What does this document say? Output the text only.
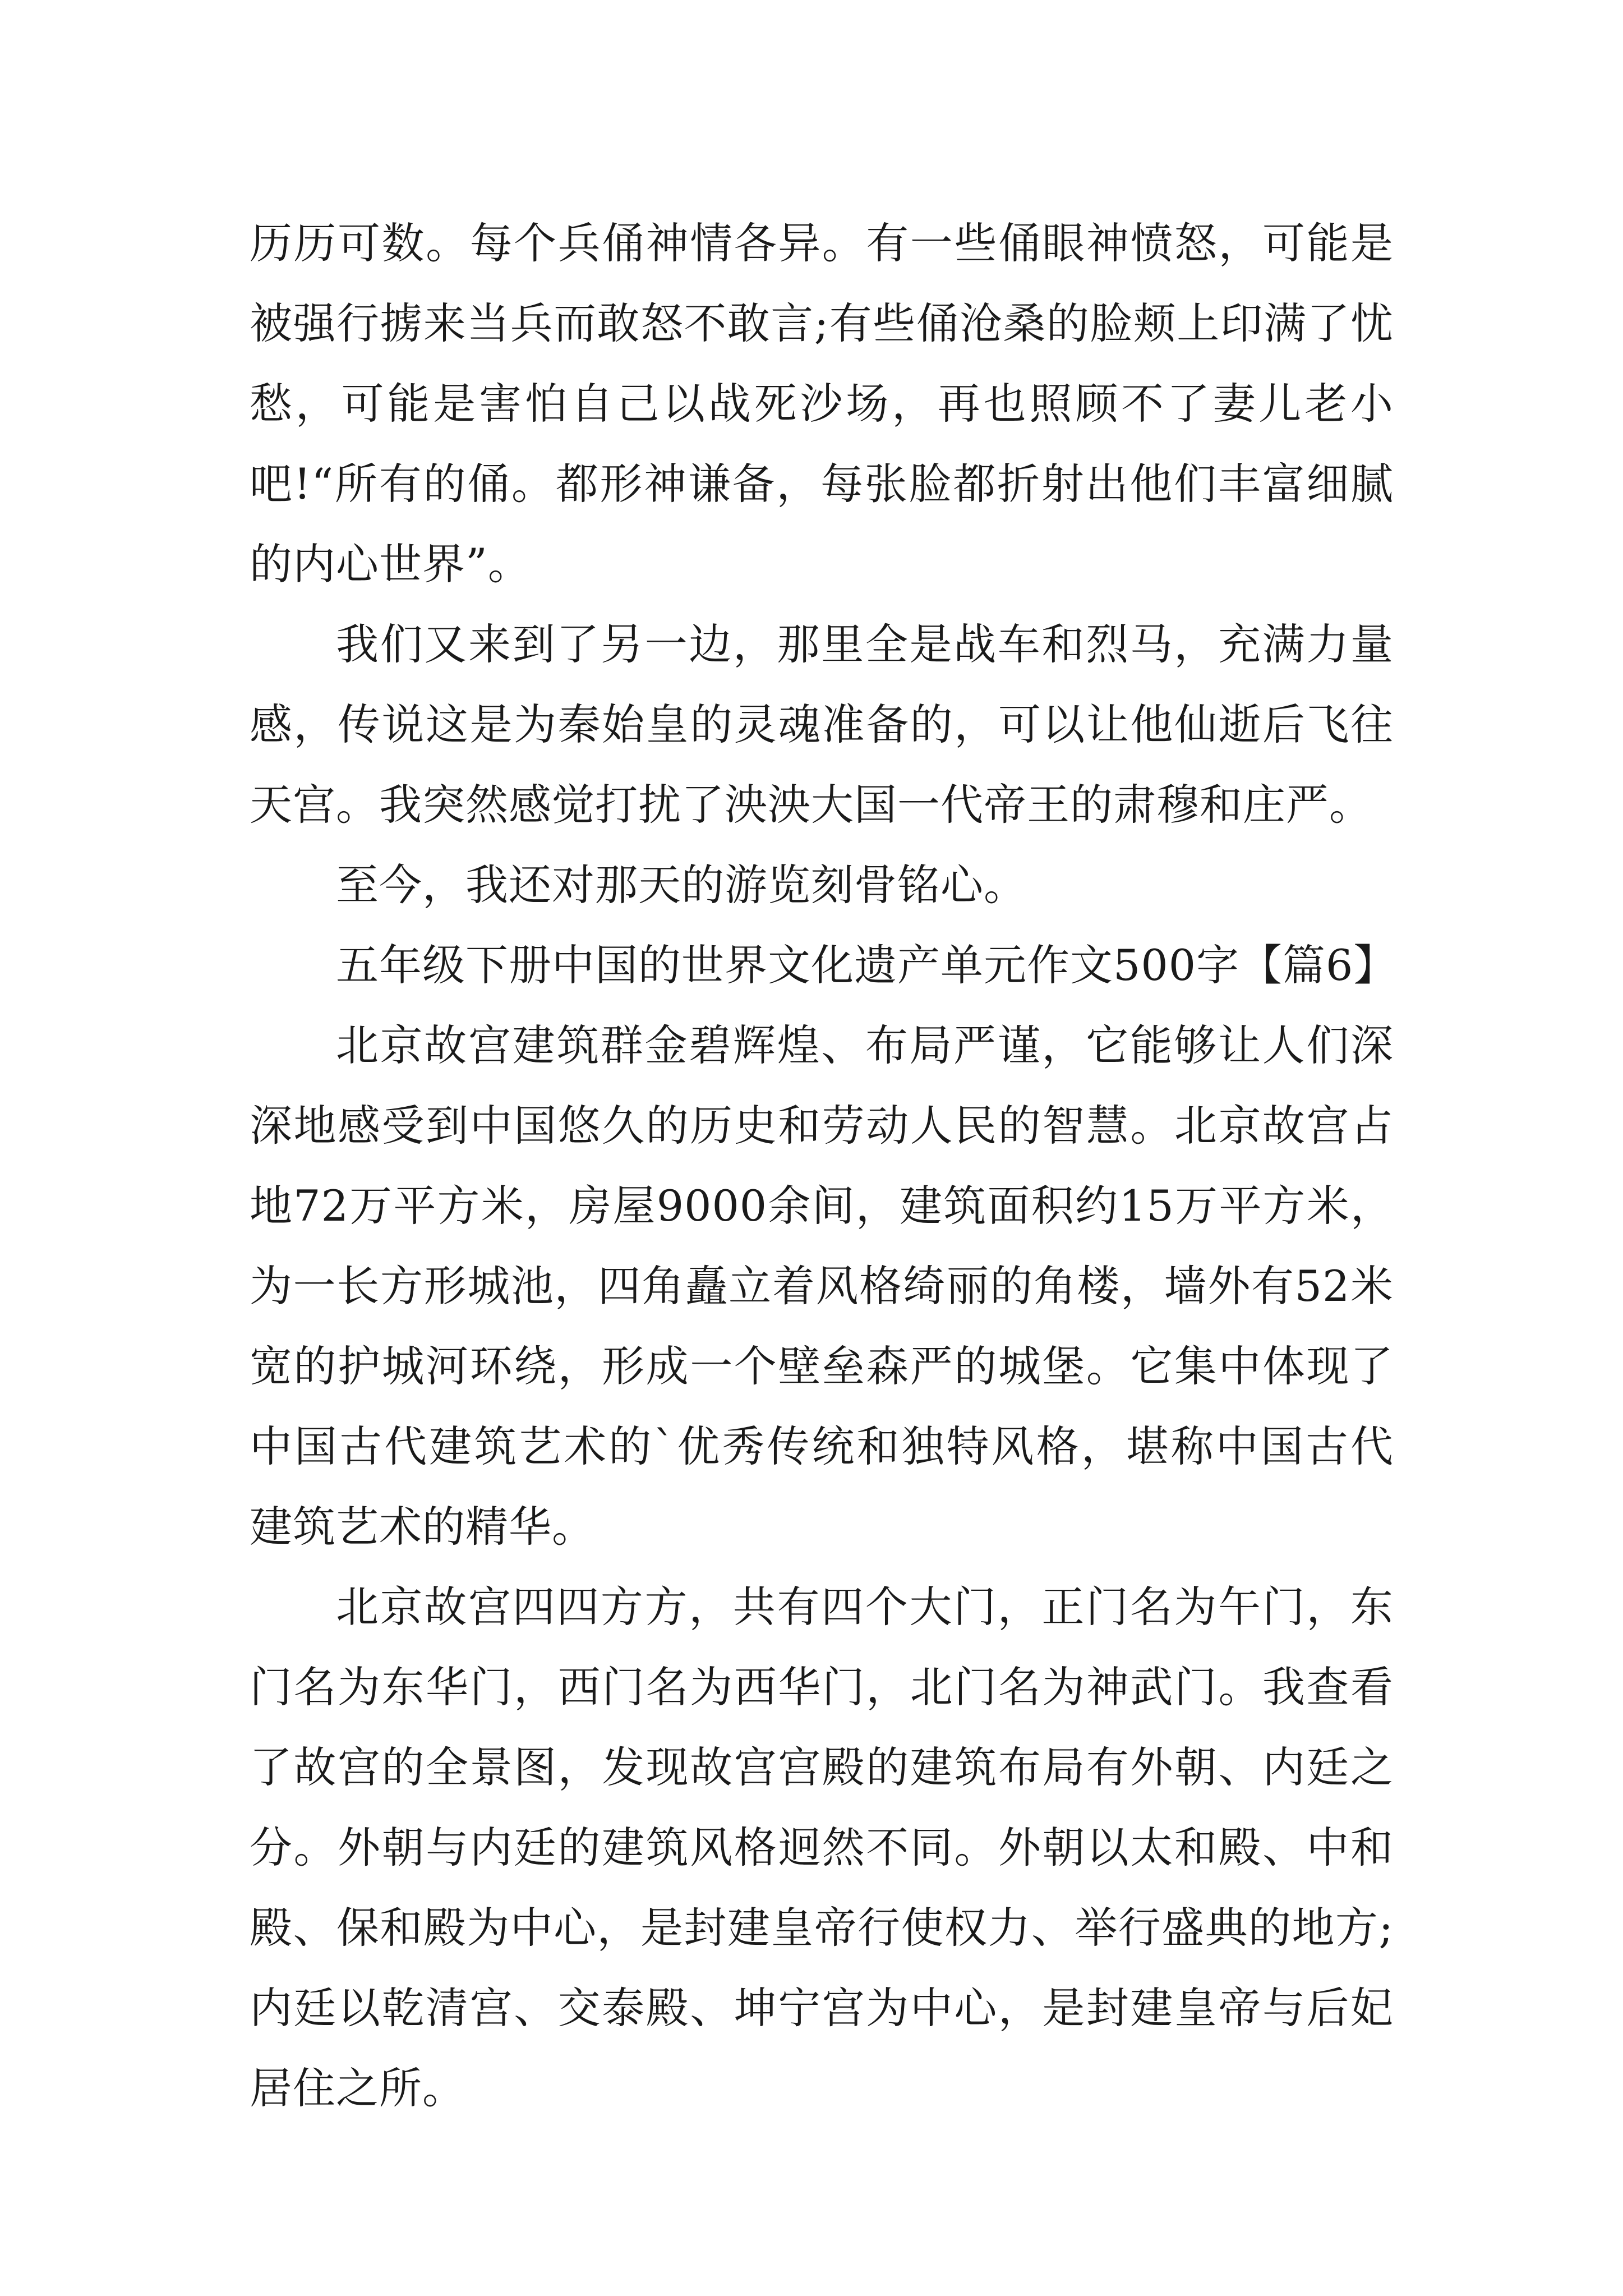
历历可数。每个兵俑神情各异。有一些俑眼神愤怒，可能是被强行掳来当兵而敢怒不敢言;有些俑沧桑的脸颊上印满了忧愁，可能是害怕自己以战死沙场，再也照顾不了妻儿老小吧!“所有的俑。都形神谦备，每张脸都折射出他们丰富细腻的内心世界”。

我们又来到了另一边，那里全是战车和烈马，充满力量感，传说这是为秦始皇的灵魂准备的，可以让他仙逝后飞往天宫。我突然感觉打扰了泱泱大国一代帝王的肃穆和庄严。

至今，我还对那天的游览刻骨铭心。

五年级下册中国的世界文化遗产单元作文500字【篇6】

北京故宫建筑群金碧辉煌、布局严谨，它能够让人们深深地感受到中国悠久的历史和劳动人民的智慧。北京故宫占地72万平方米，房屋9000余间，建筑面积约15万平方米，为一长方形城池，四角矗立着风格绮丽的角楼，墙外有52米宽的护城河环绕，形成一个壁垒森严的城堡。它集中体现了中国古代建筑艺术的`优秀传统和独特风格，堪称中国古代建筑艺术的精华。

北京故宫四四方方，共有四个大门，正门名为午门，东门名为东华门，西门名为西华门，北门名为神武门。我查看了故宫的全景图，发现故宫宫殿的建筑布局有外朝、内廷之分。外朝与内廷的建筑风格迥然不同。外朝以太和殿、中和殿、保和殿为中心，是封建皇帝行使权力、举行盛典的地方;内廷以乾清宫、交泰殿、坤宁宫为中心，是封建皇帝与后妃居住之所。
